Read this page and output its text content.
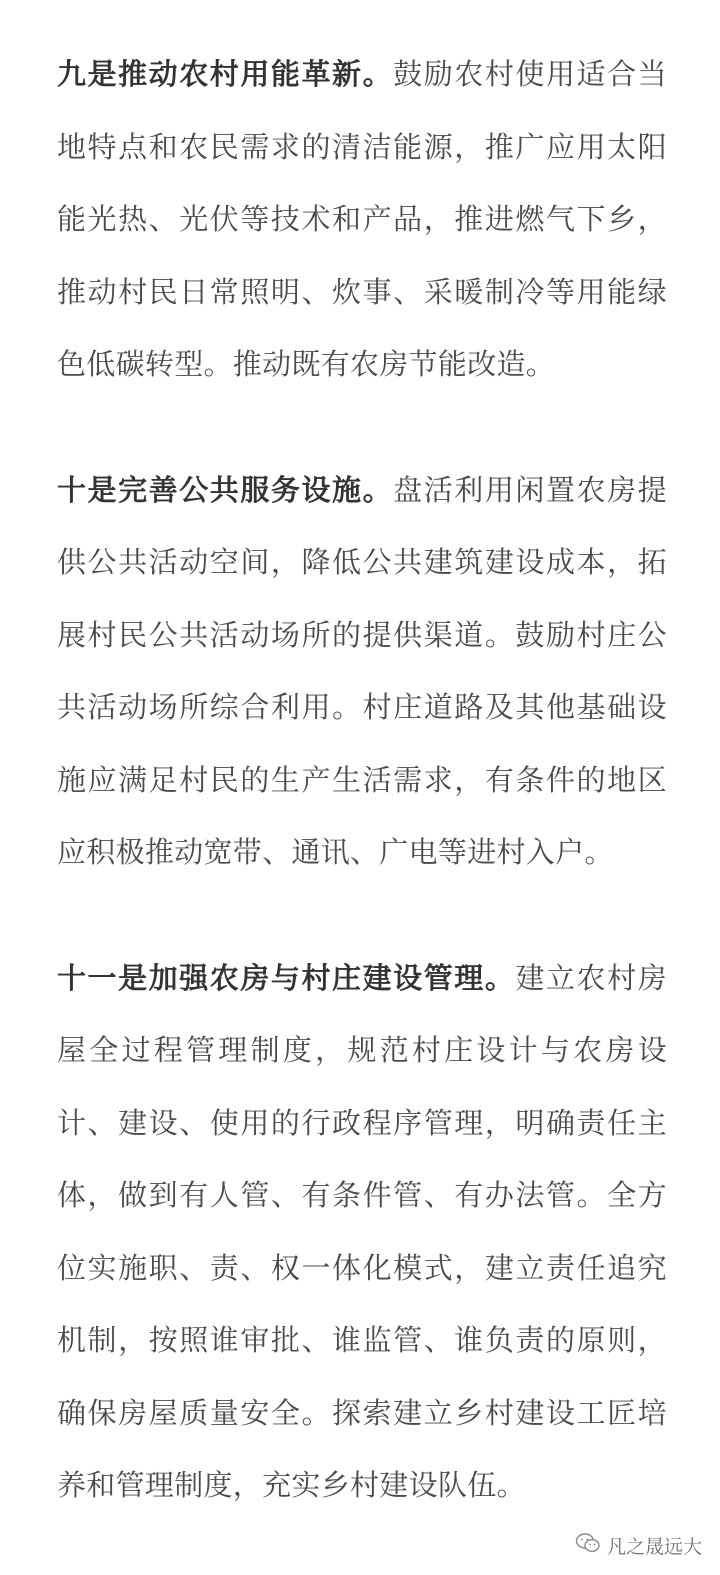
九是推动农村用能革新。鼓励农村使用适合当地特点和农民需求的清洁能源，推广应用太阳能光热、光伏等技术和产品，推进燃气下乡，推动村民日常照明、炊事、采暖制冷等用能绿色低碳转型。推动既有农房节能改造。

十是完善公共服务设施。盘活利用闲置农房提供公共活动空间，降低公共建筑建设成本，拓展村民公共活动场所的提供渠道。鼓励村庄公共活动场所综合利用。村庄道路及其他基础设施应满足村民的生产生活需求，有条件的地区应积极推动宽带、通讯、广电等进村入户。

十一是加强农房与村庄建设管理。建立农村房屋全过程管理制度，规范村庄设计与农房设计、建设、使用的行政程序管理，明确责任主体，做到有人管、有条件管、有办法管。全方位实施职、责、权一体化模式，建立责任追究机制，按照谁审批、谁监管、谁负责的原则，确保房屋质量安全。探索建立乡村建设工匠培养和管理制度，充实乡村建设队伍。

凡之晟远大
